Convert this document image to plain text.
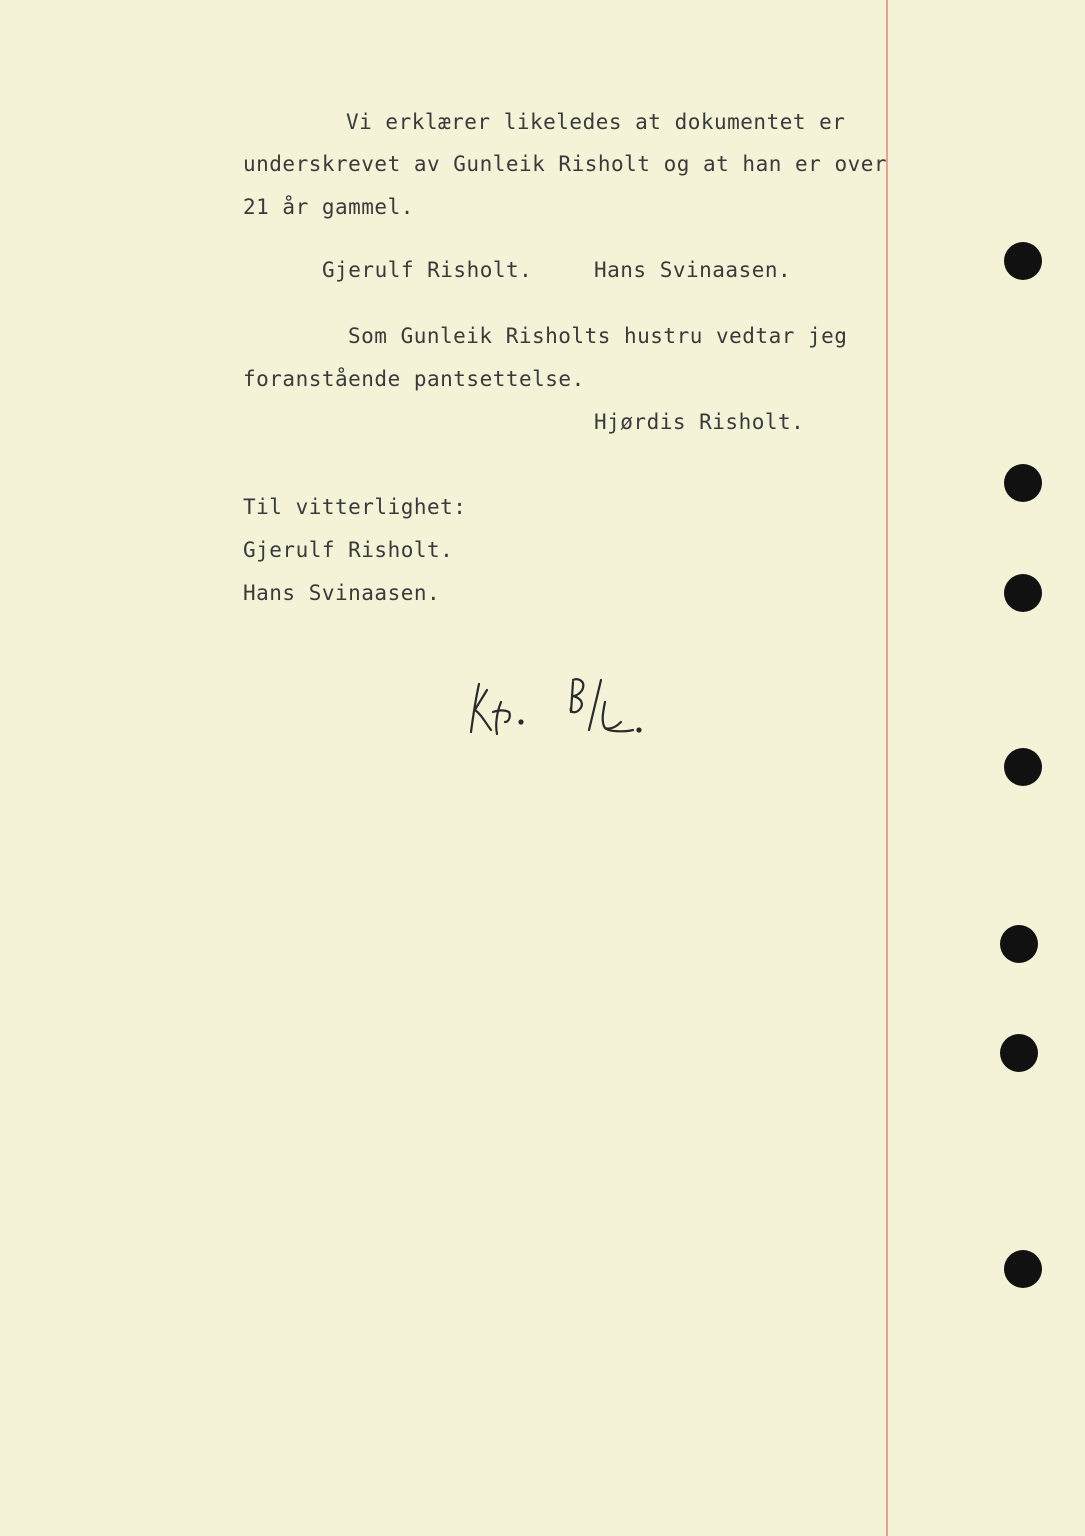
Vi erklærer likeledes at dokumentet er
underskrevet av Gunleik Risholt og at han er over
21 år gammel.
Gjerulf Risholt.	Hans Svinaasen.
Som Gunleik Risholts hustru vedtar jeg
foranstående pantsettelse.
Hjørdis Risholt.
Til vitterlighet:
Gjerulf Risholt.
Hans Svinaasen.
